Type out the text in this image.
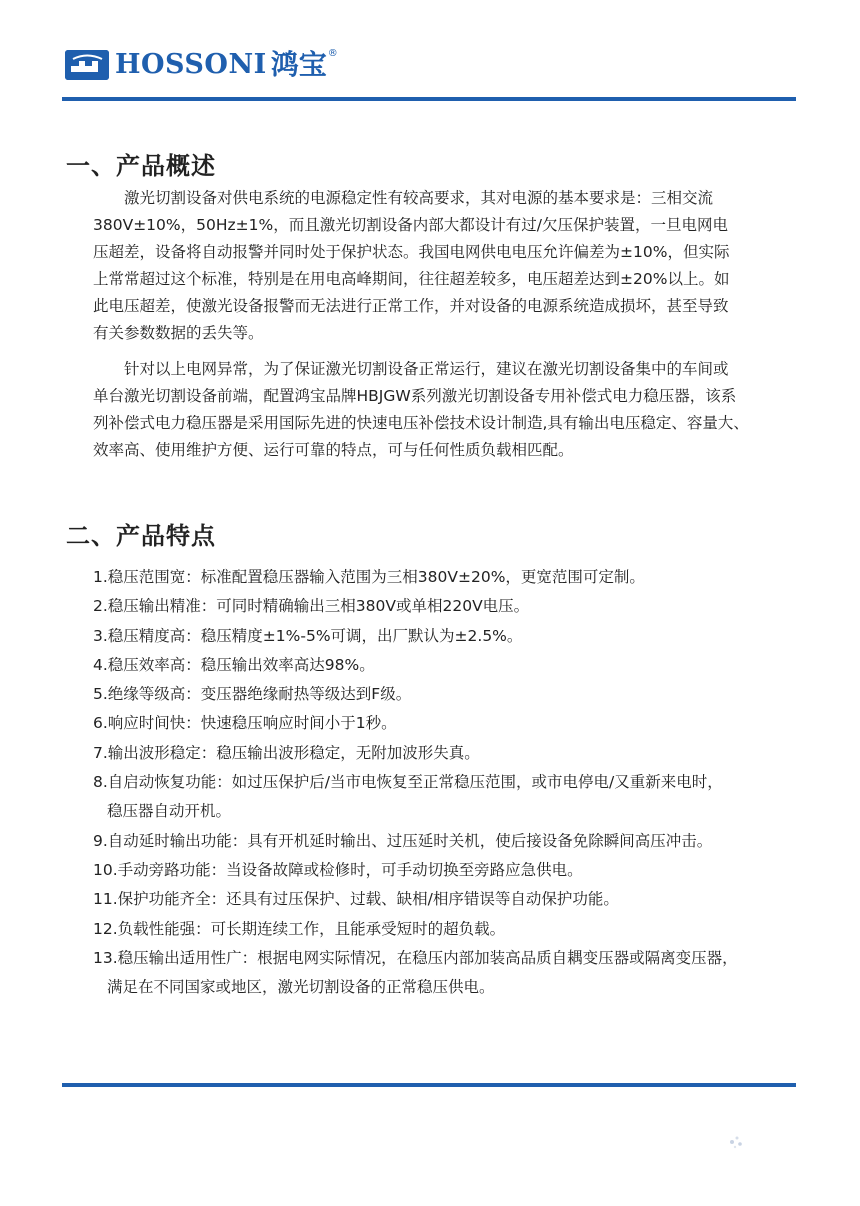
HOSSONI 鸿宝 ®
一、产品概述
激光切割设备对供电系统的电源稳定性有较高要求，其对电源的基本要求是：三相交流
380V±10%，50Hz±1%，而且激光切割设备内部大都设计有过/欠压保护装置，一旦电网电
压超差，设备将自动报警并同时处于保护状态。我国电网供电电压允许偏差为±10%，但实际
上常常超过这个标准，特别是在用电高峰期间，往往超差较多，电压超差达到±20%以上。如
此电压超差，使激光设备报警而无法进行正常工作，并对设备的电源系统造成损坏，甚至导致
有关参数数据的丢失等。
针对以上电网异常，为了保证激光切割设备正常运行，建议在激光切割设备集中的车间或
单台激光切割设备前端，配置鸿宝品牌HBJGW系列激光切割设备专用补偿式电力稳压器，该系
列补偿式电力稳压器是采用国际先进的快速电压补偿技术设计制造,具有输出电压稳定、容量大、
效率高、使用维护方便、运行可靠的特点，可与任何性质负载相匹配。
二、产品特点
1.稳压范围宽：标准配置稳压器输入范围为三相380V±20%，更宽范围可定制。
2.稳压输出精准：可同时精确输出三相380V或单相220V电压。
3.稳压精度高：稳压精度±1%-5%可调，出厂默认为±2.5%。
4.稳压效率高：稳压输出效率高达98%。
5.绝缘等级高：变压器绝缘耐热等级达到F级。
6.响应时间快：快速稳压响应时间小于1秒。
7.输出波形稳定：稳压输出波形稳定，无附加波形失真。
8.自启动恢复功能：如过压保护后/当市电恢复至正常稳压范围，或市电停电/又重新来电时，
稳压器自动开机。
9.自动延时输出功能：具有开机延时输出、过压延时关机，使后接设备免除瞬间高压冲击。
10.手动旁路功能：当设备故障或检修时，可手动切换至旁路应急供电。
11.保护功能齐全：还具有过压保护、过载、缺相/相序错误等自动保护功能。
12.负载性能强：可长期连续工作，且能承受短时的超负载。
13.稳压输出适用性广：根据电网实际情况，在稳压内部加装高品质自耦变压器或隔离变压器，
满足在不同国家或地区，激光切割设备的正常稳压供电。
